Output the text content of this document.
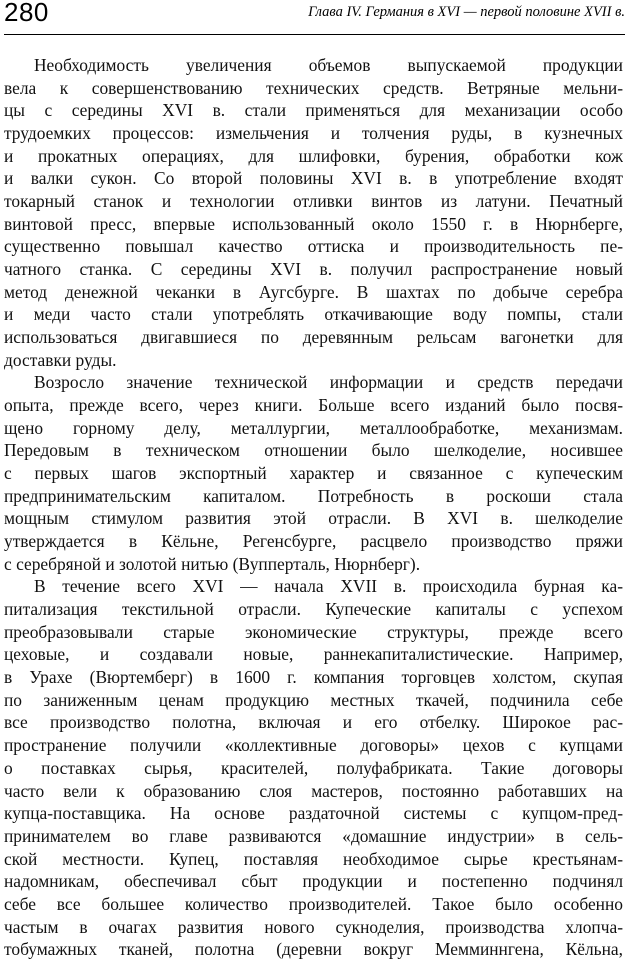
280	Глава IV. Германия в XVI — первой половине XVII в.
Необходимость увеличения объемов выпускаемой продукции
вела к совершенствованию технических средств. Ветряные мельни-
цы с середины XVI в. стали применяться для механизации особо
трудоемких процессов: измельчения и толчения руды, в кузнечных
и прокатных операциях, для шлифовки, бурения, обработки кож
и валки сукон. Со второй половины XVI в. в употребление входят
токарный станок и технологии отливки винтов из латуни. Печатный
винтовой пресс, впервые использованный около 1550 г. в Нюрнберге,
существенно повышал качество оттиска и производительность пе-
чатного станка. С середины XVI в. получил распространение новый
метод денежной чеканки в Аугсбурге. В шахтах по добыче серебра
и меди часто стали употреблять откачивающие воду помпы, стали
использоваться двигавшиеся по деревянным рельсам вагонетки для
доставки руды.
Возросло значение технической информации и средств передачи
опыта, прежде всего, через книги. Больше всего изданий было посвя-
щено горному делу, металлургии, металлообработке, механизмам.
Передовым в техническом отношении было шелкоделие, носившее
с первых шагов экспортный характер и связанное с купеческим
предпринимательским капиталом. Потребность в роскоши стала
мощным стимулом развития этой отрасли. В XVI в. шелкоделие
утверждается в Кёльне, Регенсбурге, расцвело производство пряжи
с серебряной и золотой нитью (Вупперталь, Нюрнберг).
В течение всего XVI — начала XVII в. происходила бурная ка-
питализация текстильной отрасли. Купеческие капиталы с успехом
преобразовывали старые экономические структуры, прежде всего
цеховые, и создавали новые, раннекапиталистические. Например,
в Урахе (Вюртемберг) в 1600 г. компания торговцев холстом, скупая
по заниженным ценам продукцию местных ткачей, подчинила себе
все производство полотна, включая и его отбелку. Широкое рас-
пространение получили «коллективные договоры» цехов с купцами
о поставках сырья, красителей, полуфабриката. Такие договоры
часто вели к образованию слоя мастеров, постоянно работавших на
купца-поставщика. На основе раздаточной системы с купцом-пред-
принимателем во главе развиваются «домашние индустрии» в сель-
ской местности. Купец, поставляя необходимое сырье крестьянам-
надомникам, обеспечивал сбыт продукции и постепенно подчинял
себе все большее количество производителей. Такое было особенно
частым в очагах развития нового сукноделия, производства хлопча-
тобумажных тканей, полотна (деревни вокруг Мемминнгена, Кёльна,
